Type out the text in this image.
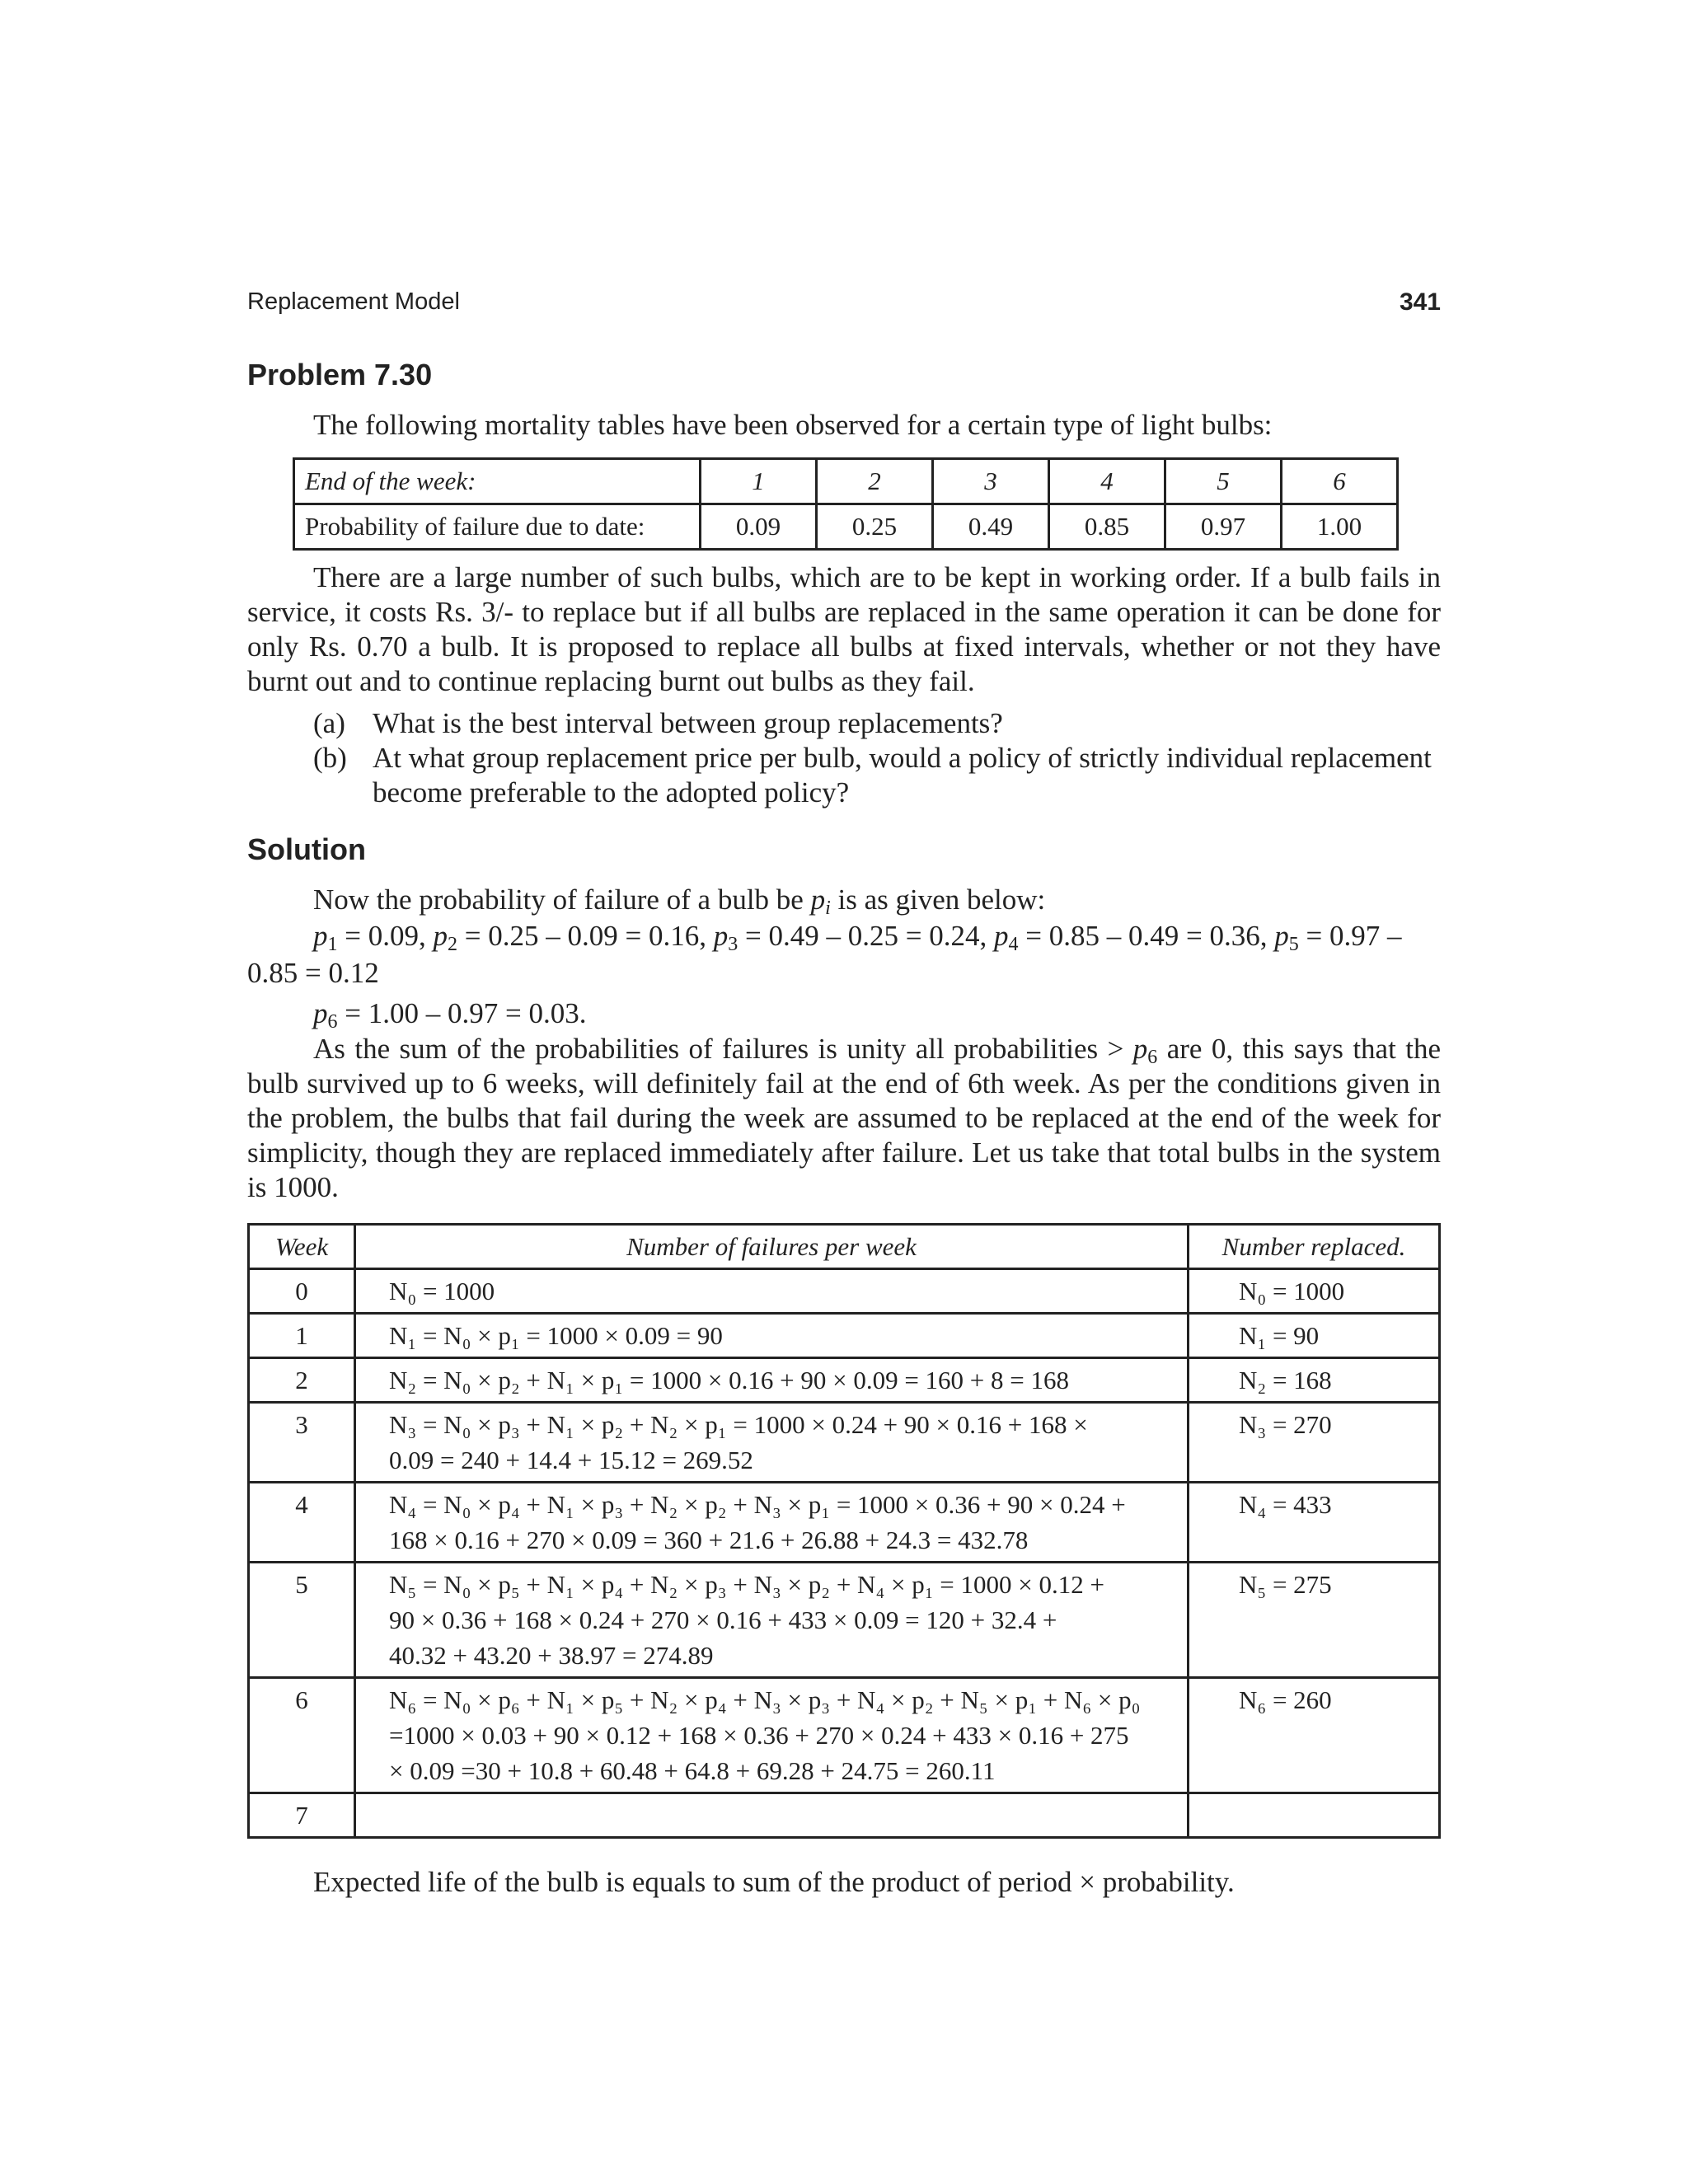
Replacement Model	341
Problem 7.30
The following mortality tables have been observed for a certain type of light bulbs:
End of the week:	1	2	3	4	5	6
Probability of failure due to date:	0.09	0.25	0.49	0.85	0.97	1.00
There are a large number of such bulbs, which are to be kept in working order. If a bulb fails in service, it costs Rs. 3/- to replace but if all bulbs are replaced in the same operation it can be done for only Rs. 0.70 a bulb. It is proposed to replace all bulbs at fixed intervals, whether or not they have burnt out and to continue replacing burnt out bulbs as they fail.
(a) What is the best interval between group replacements?
(b) At what group replacement price per bulb, would a policy of strictly individual replacement become preferable to the adopted policy?
Solution
Now the probability of failure of a bulb be $p_i$ is as given below:
$p_1 = 0.09$, $p_2 = 0.25 - 0.09 = 0.16$, $p_3 = 0.49 - 0.25 = 0.24$, $p_4 = 0.85 - 0.49 = 0.36$, $p_5 = 0.97$ –
0.85 = 0.12
$p_6 = 1.00 - 0.97 = 0.03$.
As the sum of the probabilities of failures is unity all probabilities > $p_6$ are 0, this says that the bulb survived up to 6 weeks, will definitely fail at the end of 6th week. As per the conditions given in the problem, the bulbs that fail during the week are assumed to be replaced at the end of the week for simplicity, though they are replaced immediately after failure. Let us take that total bulbs in the system is 1000.
Week	Number of failures per week	Number replaced.
0	N₀ = 1000	N₀ = 1000
1	N₁ = N₀ × p₁ = 1000 × 0.09 = 90	N₁ = 90
2	N₂ = N₀ × p₂ + N₁ × p₁ = 1000 × 0.16 + 90 × 0.09 = 160 + 8 = 168	N₂ = 168
3	N₃ = N₀ × p₃ + N₁ × p₂ + N₂ × p₁ = 1000 × 0.24 + 90 × 0.16 + 168 ×
0.09 = 240 + 14.4 + 15.12 = 269.52	N₃ = 270
4	N₄ = N₀ × p₄ + N₁ × p₃ + N₂ × p₂ + N₃ × p₁ = 1000 × 0.36 + 90 × 0.24 +
168 × 0.16 + 270 × 0.09 = 360 + 21.6 + 26.88 + 24.3 = 432.78	N₄ = 433
5	N₅ = N₀ × p₅ + N₁ × p₄ + N₂ × p₃ + N₃ × p₂ + N₄ × p₁ = 1000 × 0.12 +
90 × 0.36 + 168 × 0.24 + 270 × 0.16 + 433 × 0.09 = 120 + 32.4 +
40.32 + 43.20 + 38.97 = 274.89	N₅ = 275
6	N₆ = N₀ × p₆ + N₁ × p₅ + N₂ × p₄ + N₃ × p₃ + N₄ × p₂ + N₅ × p₁ + N₆ × p₀
=1000 × 0.03 + 90 × 0.12 + 168 × 0.36 + 270 × 0.24 + 433 × 0.16 + 275
× 0.09 =30 + 10.8 + 60.48 + 64.8 + 69.28 + 24.75 = 260.11	N₆ = 260
7	

Expected life of the bulb is equals to sum of the product of period × probability.
